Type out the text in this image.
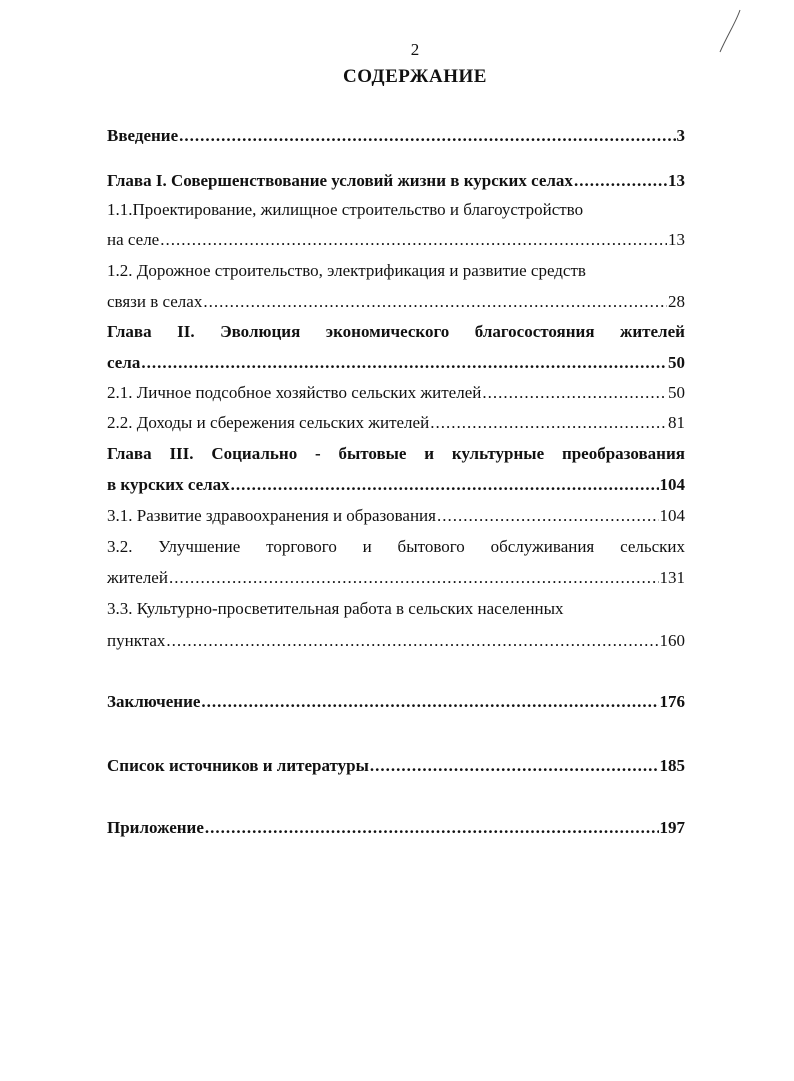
2
СОДЕРЖАНИЕ
Введение .....	3
Глава I. Совершенствование условий жизни в курских селах .....	13
1.1.Проектирование, жилищное строительство и благоустройство
на селе .....	13
1.2. Дорожное строительство, электрификация и развитие средств
связи в селах .....	28
Глава II. Эволюция экономического благосостояния жителей
села .....	50
2.1. Личное подсобное хозяйство сельских жителей .....	50
2.2. Доходы и сбережения сельских жителей .....	81
Глава III. Социально - бытовые и культурные преобразования
в курских селах .....	104
3.1. Развитие здравоохранения и образования .....	104
3.2. Улучшение торгового и бытового обслуживания сельских
жителей .....	131
3.3. Культурно-просветительная работа в сельских населенных
пунктах .....	160
Заключение .....	176
Список источников и литературы .....	185
Приложение .....	197
